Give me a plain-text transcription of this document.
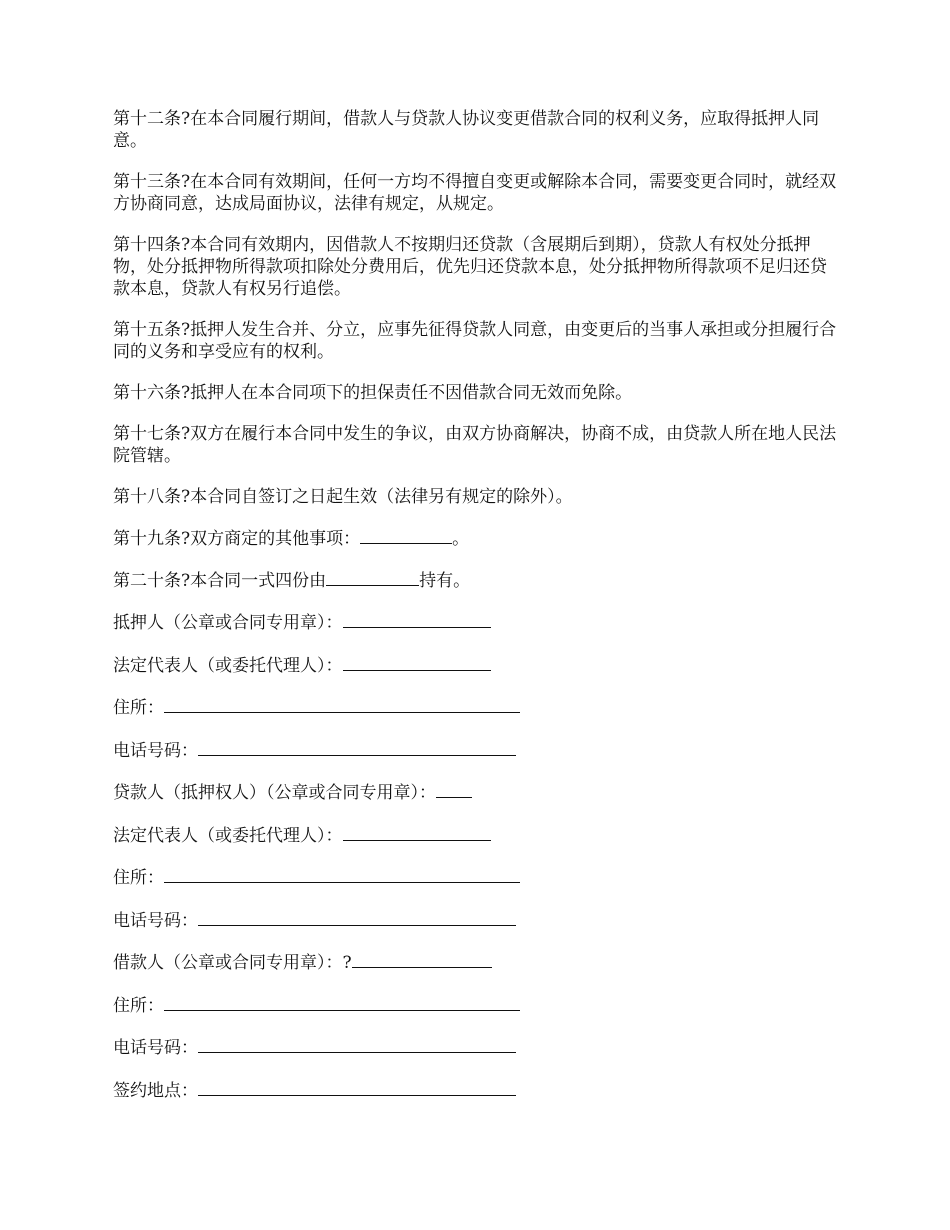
第十二条?在本合同履行期间，借款人与贷款人协议变更借款合同的权利义务，应取得抵押人同意。

第十三条?在本合同有效期间，任何一方均不得擅自变更或解除本合同，需要变更合同时，就经双方协商同意，达成局面协议，法律有规定，从规定。

第十四条?本合同有效期内，因借款人不按期归还贷款（含展期后到期），贷款人有权处分抵押物，处分抵押物所得款项扣除处分费用后，优先归还贷款本息，处分抵押物所得款项不足归还贷款本息，贷款人有权另行追偿。

第十五条?抵押人发生合并、分立，应事先征得贷款人同意，由变更后的当事人承担或分担履行合同的义务和享受应有的权利。

第十六条?抵押人在本合同项下的担保责任不因借款合同无效而免除。

第十七条?双方在履行本合同中发生的争议，由双方协商解决，协商不成，由贷款人所在地人民法院管辖。

第十八条?本合同自签订之日起生效（法律另有规定的除外）。

第十九条?双方商定的其他事项：	。

第二十条?本合同一式四份由	持有。

抵押人（公章或合同专用章）：
法定代表人（或委托代理人）：
住所：
电话号码：
贷款人（抵押权人）（公章或合同专用章）：
法定代表人（或委托代理人）：
住所：
电话号码：
借款人（公章或合同专用章）：?
住所：
电话号码：
签约地点：
